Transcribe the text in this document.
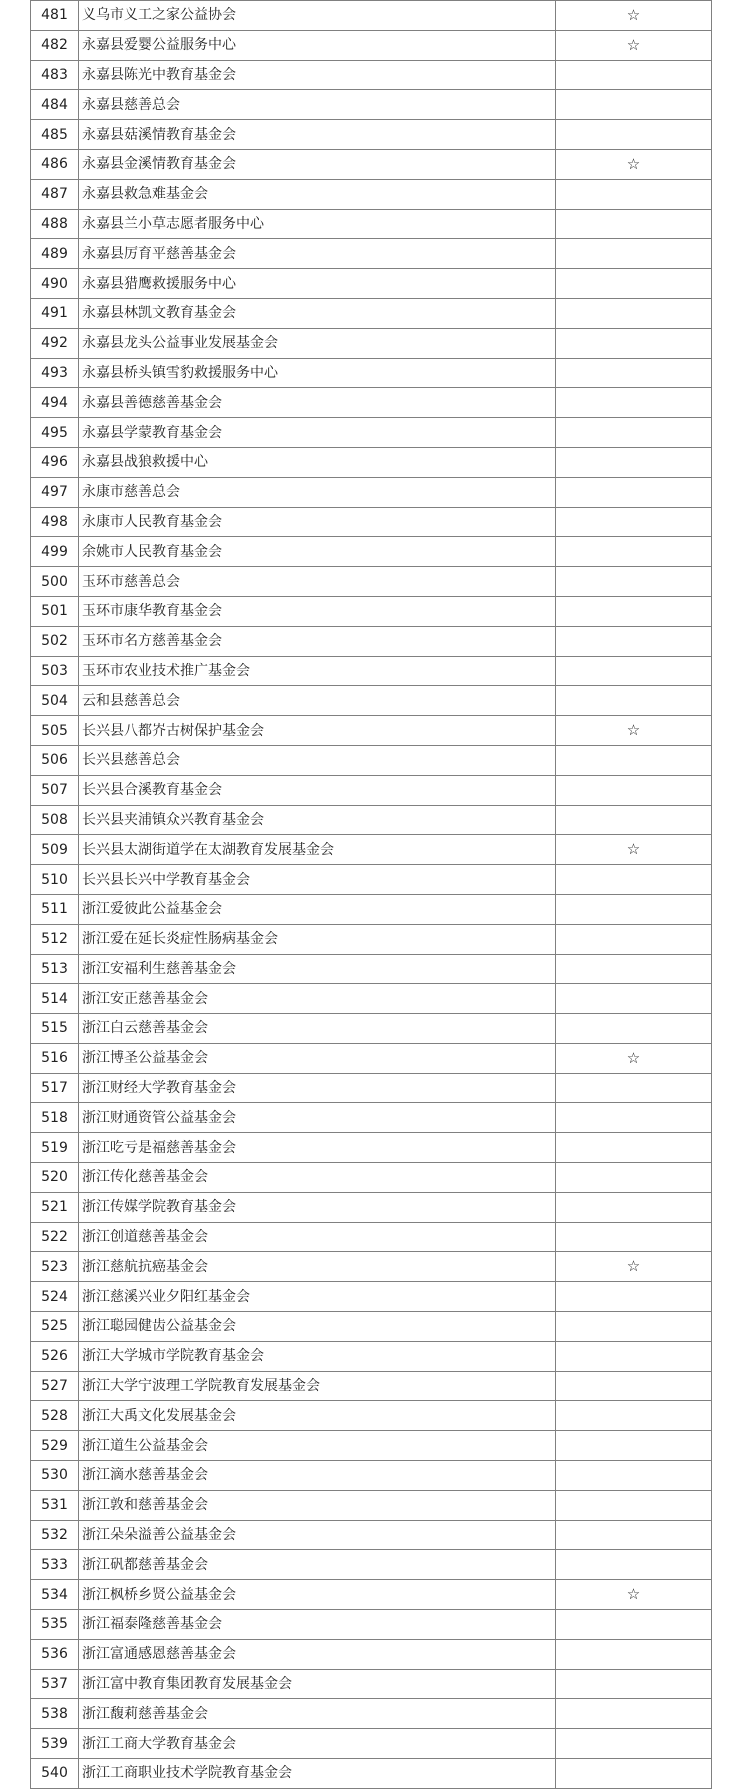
481	义乌市义工之家公益协会	☆
482	永嘉县爱婴公益服务中心	☆
483	永嘉县陈光中教育基金会	
484	永嘉县慈善总会	
485	永嘉县菇溪情教育基金会	
486	永嘉县金溪情教育基金会	☆
487	永嘉县救急难基金会	
488	永嘉县兰小草志愿者服务中心	
489	永嘉县厉育平慈善基金会	
490	永嘉县猎鹰救援服务中心	
491	永嘉县林凯文教育基金会	
492	永嘉县龙头公益事业发展基金会	
493	永嘉县桥头镇雪豹救援服务中心	
494	永嘉县善德慈善基金会	
495	永嘉县学蒙教育基金会	
496	永嘉县战狼救援中心	
497	永康市慈善总会	
498	永康市人民教育基金会	
499	余姚市人民教育基金会	
500	玉环市慈善总会	
501	玉环市康华教育基金会	
502	玉环市名方慈善基金会	
503	玉环市农业技术推广基金会	
504	云和县慈善总会	
505	长兴县八都岕古树保护基金会	☆
506	长兴县慈善总会	
507	长兴县合溪教育基金会	
508	长兴县夹浦镇众兴教育基金会	
509	长兴县太湖街道学在太湖教育发展基金会	☆
510	长兴县长兴中学教育基金会	
511	浙江爱彼此公益基金会	
512	浙江爱在延长炎症性肠病基金会	
513	浙江安福利生慈善基金会	
514	浙江安正慈善基金会	
515	浙江白云慈善基金会	
516	浙江博圣公益基金会	☆
517	浙江财经大学教育基金会	
518	浙江财通资管公益基金会	
519	浙江吃亏是福慈善基金会	
520	浙江传化慈善基金会	
521	浙江传媒学院教育基金会	
522	浙江创道慈善基金会	
523	浙江慈航抗癌基金会	☆
524	浙江慈溪兴业夕阳红基金会	
525	浙江聪园健齿公益基金会	
526	浙江大学城市学院教育基金会	
527	浙江大学宁波理工学院教育发展基金会	
528	浙江大禹文化发展基金会	
529	浙江道生公益基金会	
530	浙江滴水慈善基金会	
531	浙江敦和慈善基金会	
532	浙江朵朵溢善公益基金会	
533	浙江矾都慈善基金会	
534	浙江枫桥乡贤公益基金会	☆
535	浙江福泰隆慈善基金会	
536	浙江富通感恩慈善基金会	
537	浙江富中教育集团教育发展基金会	
538	浙江馥莉慈善基金会	
539	浙江工商大学教育基金会	
540	浙江工商职业技术学院教育基金会	
